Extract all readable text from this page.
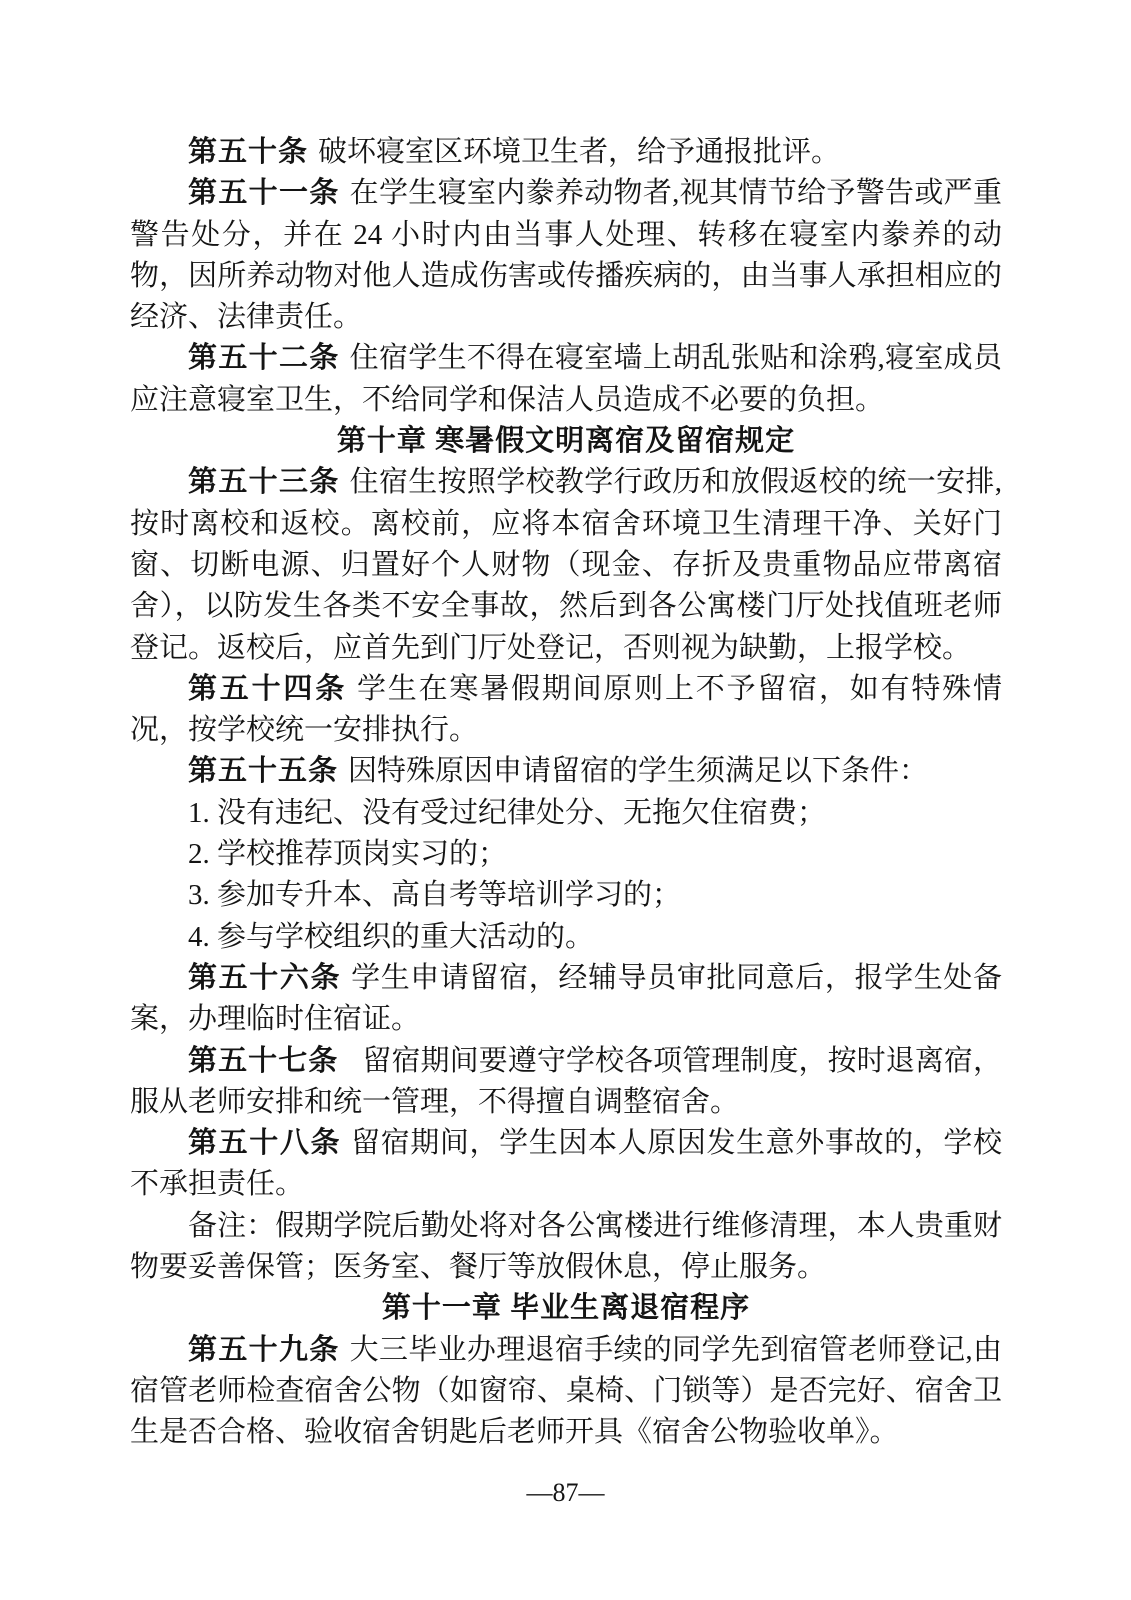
第五十条 破坏寝室区环境卫生者，给予通报批评。

第五十一条 在学生寝室内豢养动物者,视其情节给予警告或严重警告处分，并在 24 小时内由当事人处理、转移在寝室内豢养的动物，因所养动物对他人造成伤害或传播疾病的，由当事人承担相应的经济、法律责任。

第五十二条 住宿学生不得在寝室墙上胡乱张贴和涂鸦,寝室成员应注意寝室卫生，不给同学和保洁人员造成不必要的负担。

第十章 寒暑假文明离宿及留宿规定

第五十三条 住宿生按照学校教学行政历和放假返校的统一安排,按时离校和返校。离校前，应将本宿舍环境卫生清理干净、关好门窗、切断电源、归置好个人财物（现金、存折及贵重物品应带离宿舍），以防发生各类不安全事故，然后到各公寓楼门厅处找值班老师登记。返校后，应首先到门厅处登记，否则视为缺勤，上报学校。

第五十四条 学生在寒暑假期间原则上不予留宿，如有特殊情况，按学校统一安排执行。

第五十五条 因特殊原因申请留宿的学生须满足以下条件：

1. 没有违纪、没有受过纪律处分、无拖欠住宿费；

2. 学校推荐顶岗实习的；

3. 参加专升本、高自考等培训学习的；

4. 参与学校组织的重大活动的。

第五十六条 学生申请留宿，经辅导员审批同意后，报学生处备案，办理临时住宿证。

第五十七条 留宿期间要遵守学校各项管理制度，按时退离宿，服从老师安排和统一管理，不得擅自调整宿舍。

第五十八条 留宿期间，学生因本人原因发生意外事故的，学校不承担责任。

备注：假期学院后勤处将对各公寓楼进行维修清理，本人贵重财物要妥善保管；医务室、餐厅等放假休息，停止服务。

第十一章 毕业生离退宿程序

第五十九条 大三毕业办理退宿手续的同学先到宿管老师登记,由宿管老师检查宿舍公物（如窗帘、桌椅、门锁等）是否完好、宿舍卫生是否合格、验收宿舍钥匙后老师开具《宿舍公物验收单》。

—87—
